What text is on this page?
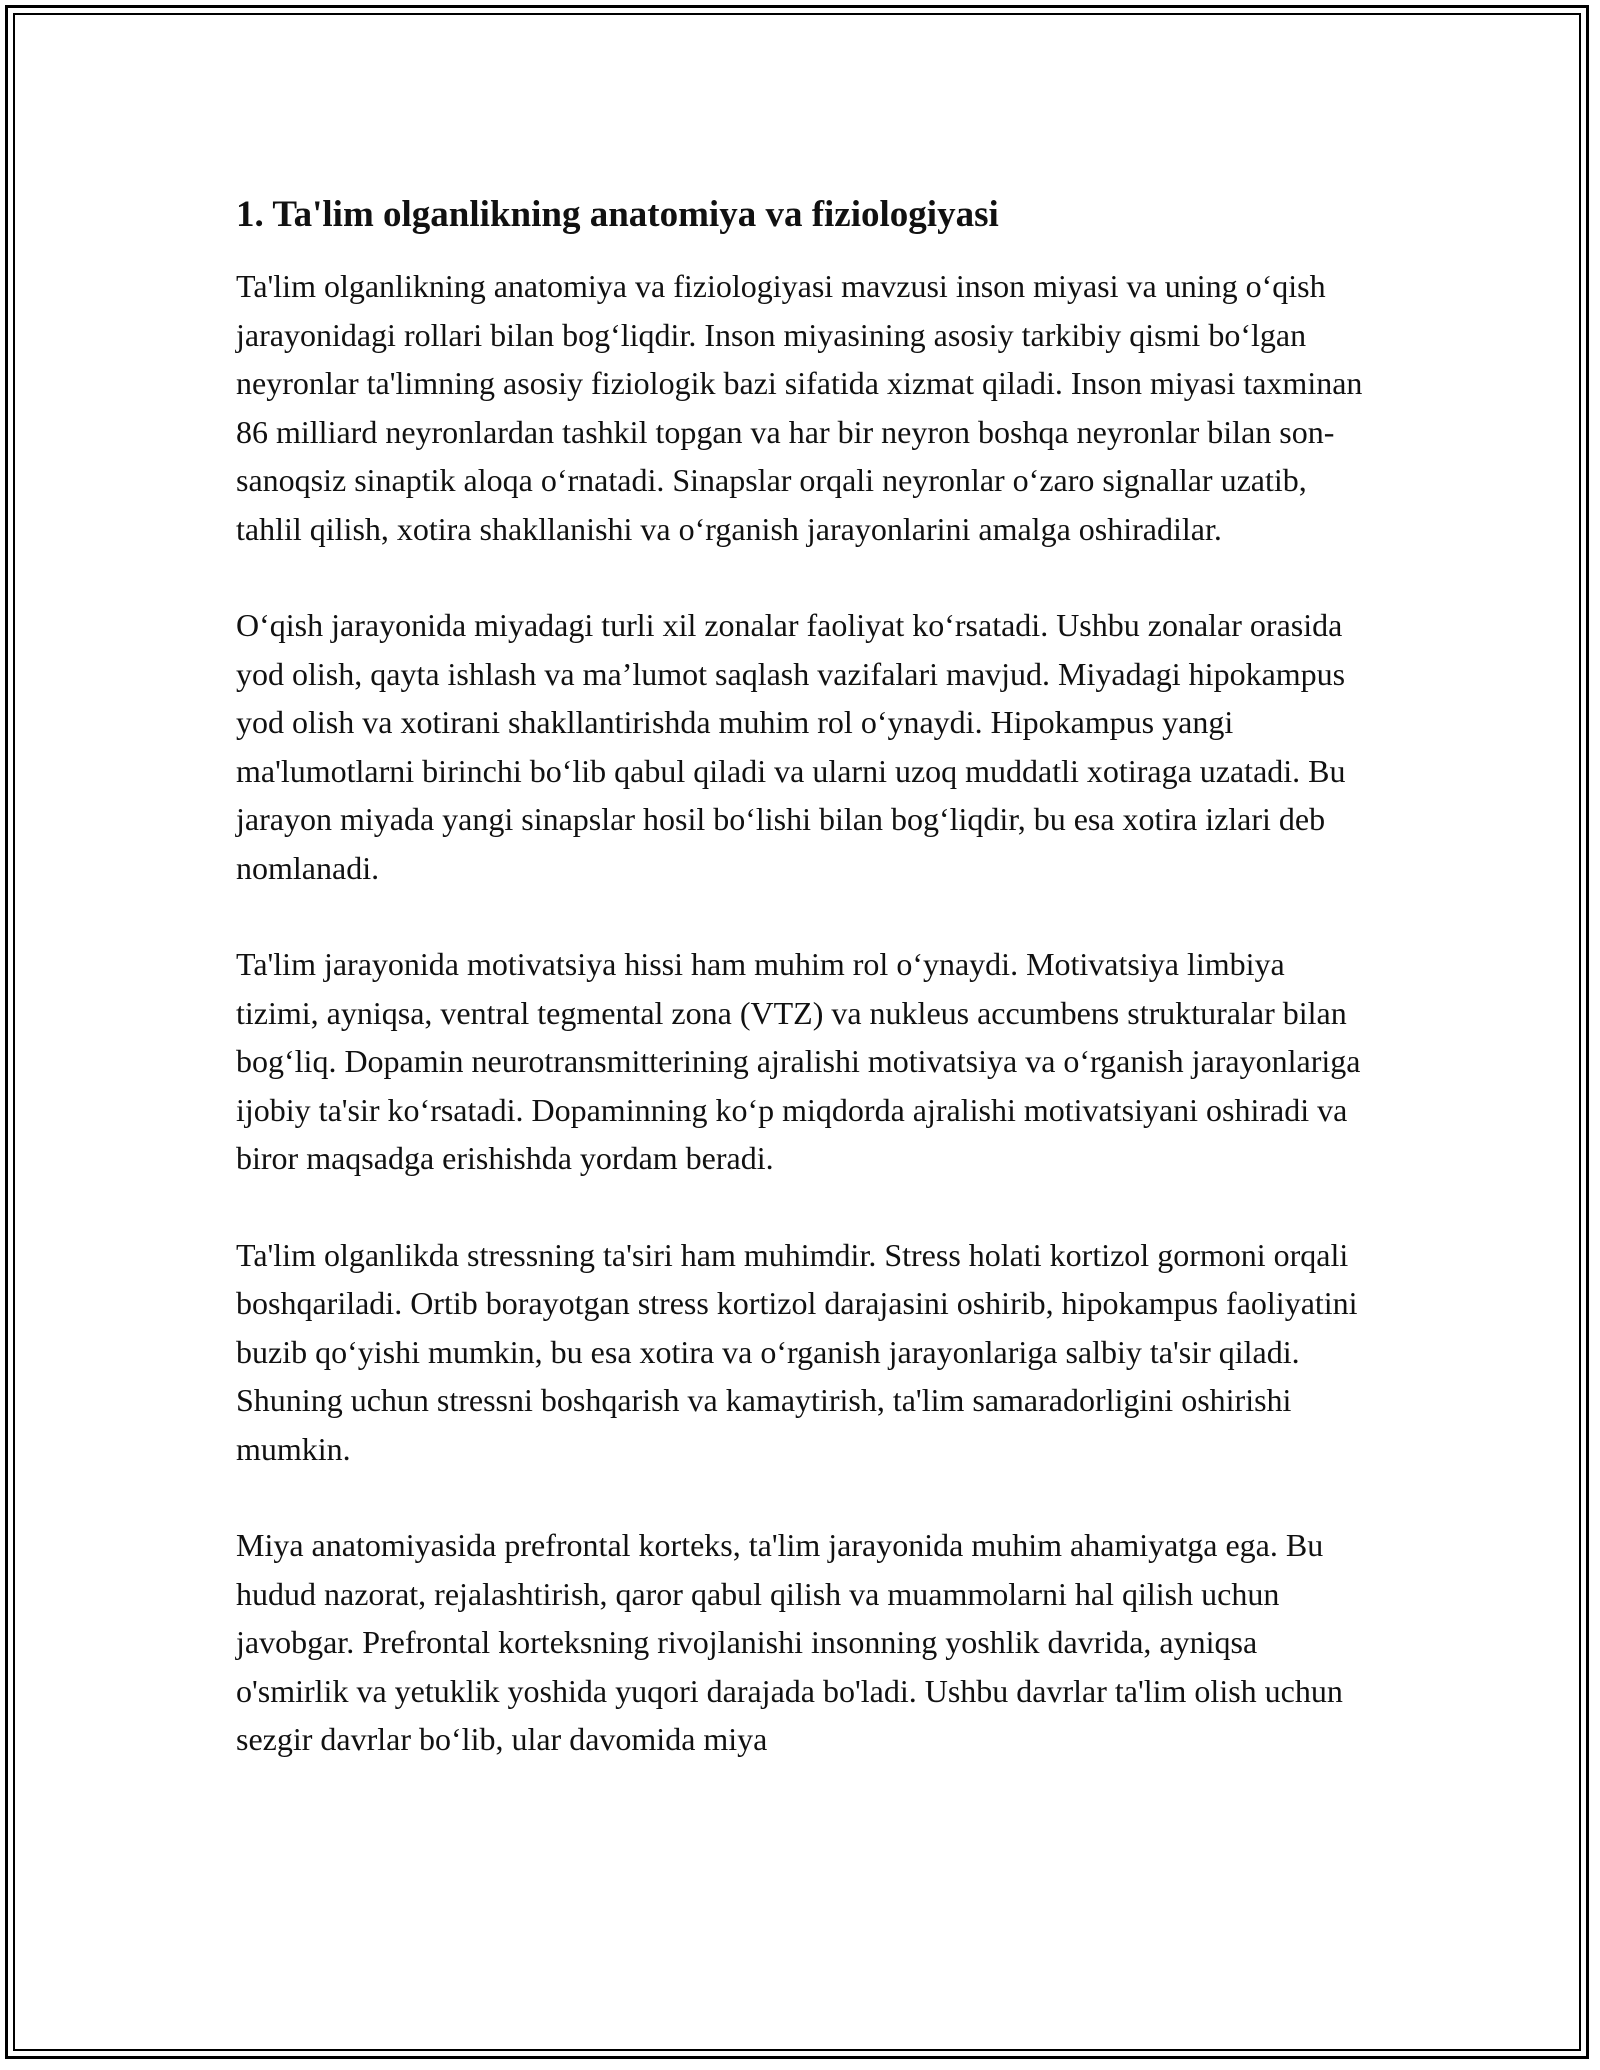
1. Ta'lim olganlikning anatomiya va fiziologiyasi

Ta'lim olganlikning anatomiya va fiziologiyasi mavzusi inson miyasi va uning o‘qish jarayonidagi rollari bilan bog‘liqdir. Inson miyasining asosiy tarkibiy qismi bo‘lgan neyronlar ta'limning asosiy fiziologik bazi sifatida xizmat qiladi. Inson miyasi taxminan 86 milliard neyronlardan tashkil topgan va har bir neyron boshqa neyronlar bilan son-sanoqsiz sinaptik aloqa o‘rnatadi. Sinapslar orqali neyronlar o‘zaro signallar uzatib, tahlil qilish, xotira shakllanishi va o‘rganish jarayonlarini amalga oshiradilar.

O‘qish jarayonida miyadagi turli xil zonalar faoliyat ko‘rsatadi. Ushbu zonalar orasida yod olish, qayta ishlash va ma’lumot saqlash vazifalari mavjud. Miyadagi hipokampus yod olish va xotirani shakllantirishda muhim rol o‘ynaydi. Hipokampus yangi ma'lumotlarni birinchi bo‘lib qabul qiladi va ularni uzoq muddatli xotiraga uzatadi. Bu jarayon miyada yangi sinapslar hosil bo‘lishi bilan bog‘liqdir, bu esa xotira izlari deb nomlanadi.

Ta'lim jarayonida motivatsiya hissi ham muhim rol o‘ynaydi. Motivatsiya limbiya tizimi, ayniqsa, ventral tegmental zona (VTZ) va nukleus accumbens strukturalar bilan bog‘liq. Dopamin neurotransmitterining ajralishi motivatsiya va o‘rganish jarayonlariga ijobiy ta'sir ko‘rsatadi. Dopaminning ko‘p miqdorda ajralishi motivatsiyani oshiradi va biror maqsadga erishishda yordam beradi.

Ta'lim olganlikda stressning ta'siri ham muhimdir. Stress holati kortizol gormoni orqali boshqariladi. Ortib borayotgan stress kortizol darajasini oshirib, hipokampus faoliyatini buzib qo‘yishi mumkin, bu esa xotira va o‘rganish jarayonlariga salbiy ta'sir qiladi. Shuning uchun stressni boshqarish va kamaytirish, ta'lim samaradorligini oshirishi mumkin.

Miya anatomiyasida prefrontal korteks, ta'lim jarayonida muhim ahamiyatga ega. Bu hudud nazorat, rejalashtirish, qaror qabul qilish va muammolarni hal qilish uchun javobgar. Prefrontal korteksning rivojlanishi insonning yoshlik davrida, ayniqsa o'smirlik va yetuklik yoshida yuqori darajada bo'ladi. Ushbu davrlar ta'lim olish uchun sezgir davrlar bo‘lib, ular davomida miya
